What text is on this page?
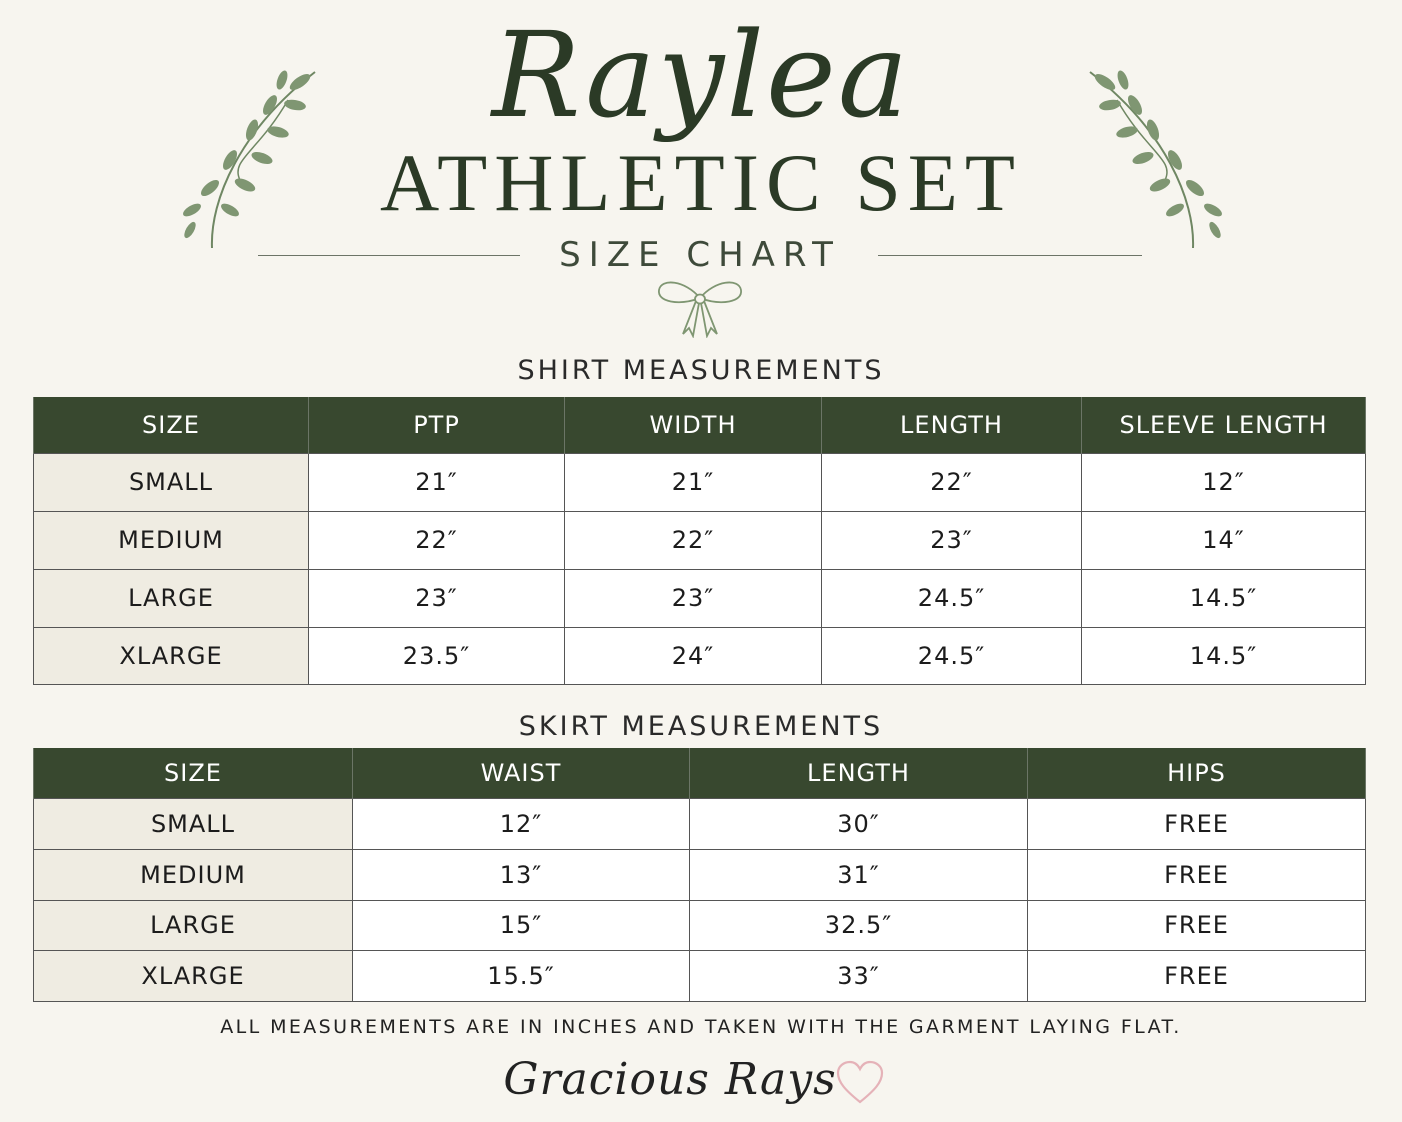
Raylea
ATHLETIC SET
SIZE CHART
SHIRT MEASUREMENTS
SIZE	PTP	WIDTH	LENGTH	SLEEVE LENGTH
SMALL	21″	21″	22″	12″
MEDIUM	22″	22″	23″	14″
LARGE	23″	23″	24.5″	14.5″
XLARGE	23.5″	24″	24.5″	14.5″
SKIRT MEASUREMENTS
SIZE	WAIST	LENGTH	HIPS
SMALL	12″	30″	FREE
MEDIUM	13″	31″	FREE
LARGE	15″	32.5″	FREE
XLARGE	15.5″	33″	FREE
ALL MEASUREMENTS ARE IN INCHES AND TAKEN WITH THE GARMENT LAYING FLAT.
Gracious Rays
